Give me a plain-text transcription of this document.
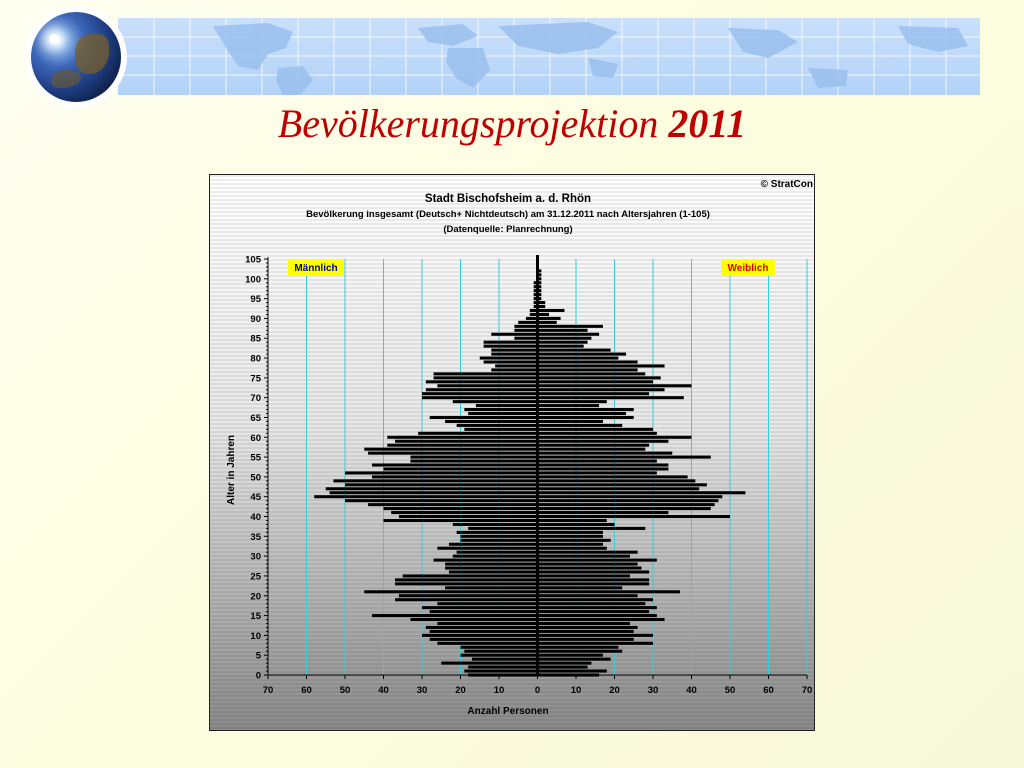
Bevölkerungsprojektion 2011
© StratCon
Stadt Bischofsheim a. d. Rhön
Bevölkerung insgesamt (Deutsch+ Nichtdeutsch) am 31.12.2011 nach Altersjahren (1-105)
(Datenquelle: Planrechnung)
0
5
10
15
20
25
30
35
40
45
50
55
60
65
70
75
80
85
90
95
100
105
70	60	50	40	30	20	10	0	10	20	30	40	50	60	70
Männlich	Weiblich
Anzahl Personen
Alter in Jahren
